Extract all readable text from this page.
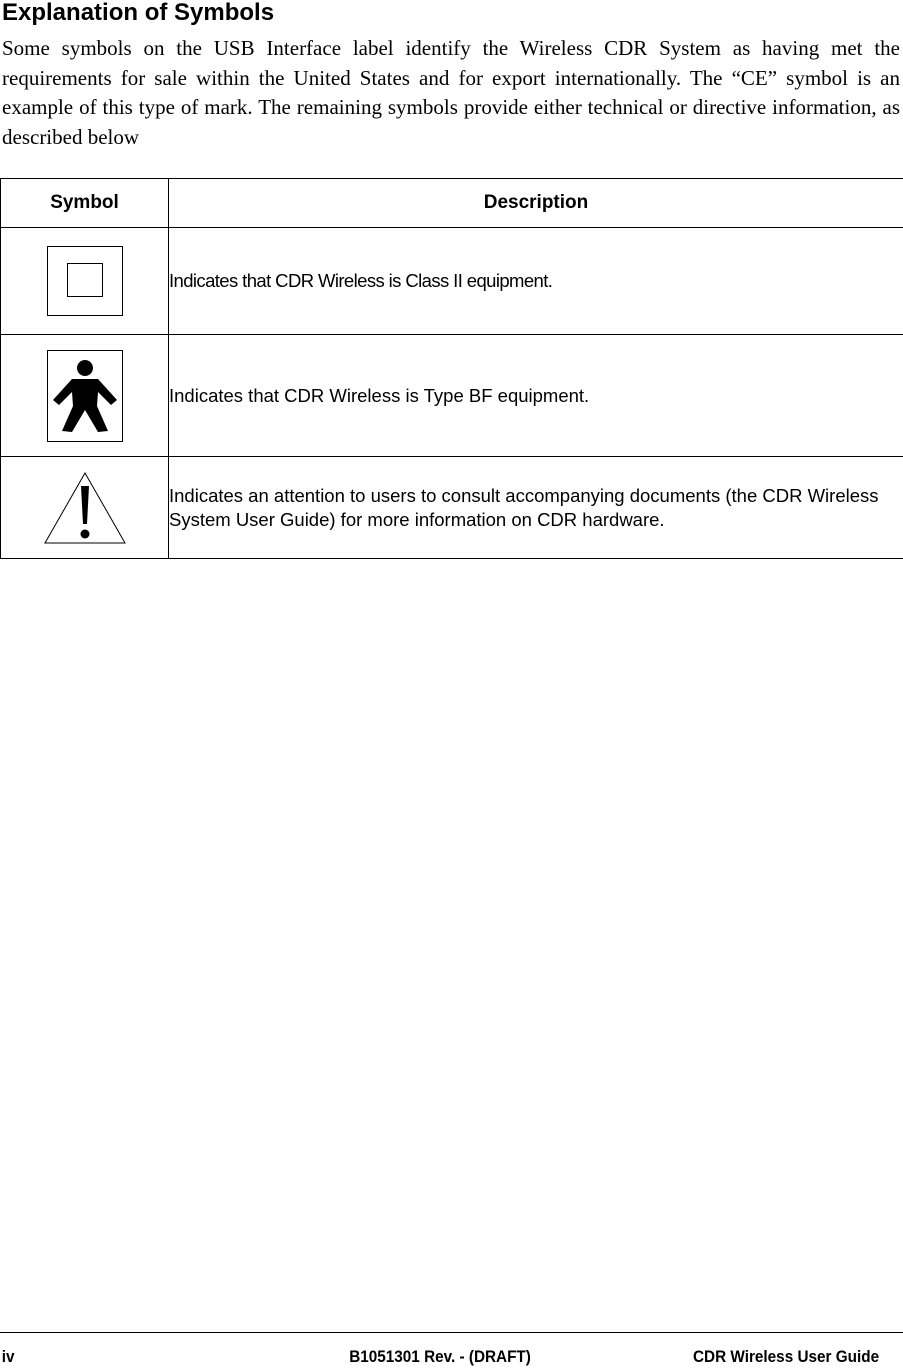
Explanation of Symbols

Some symbols on the USB Interface label identify the Wireless CDR System as having met the requirements for sale within the United States and for export internationally. The “CE” symbol is an example of this type of mark. The remaining symbols provide either technical or directive information, as described below

Symbol	Description

	Indicates that CDR Wireless is Class II equipment.

	Indicates that CDR Wireless is Type BF equipment.

	Indicates an attention to users to consult accompanying documents (the CDR Wireless System User Guide) for more information on CDR hardware.
iv	B1051301 Rev. - (DRAFT)	CDR Wireless User Guide
